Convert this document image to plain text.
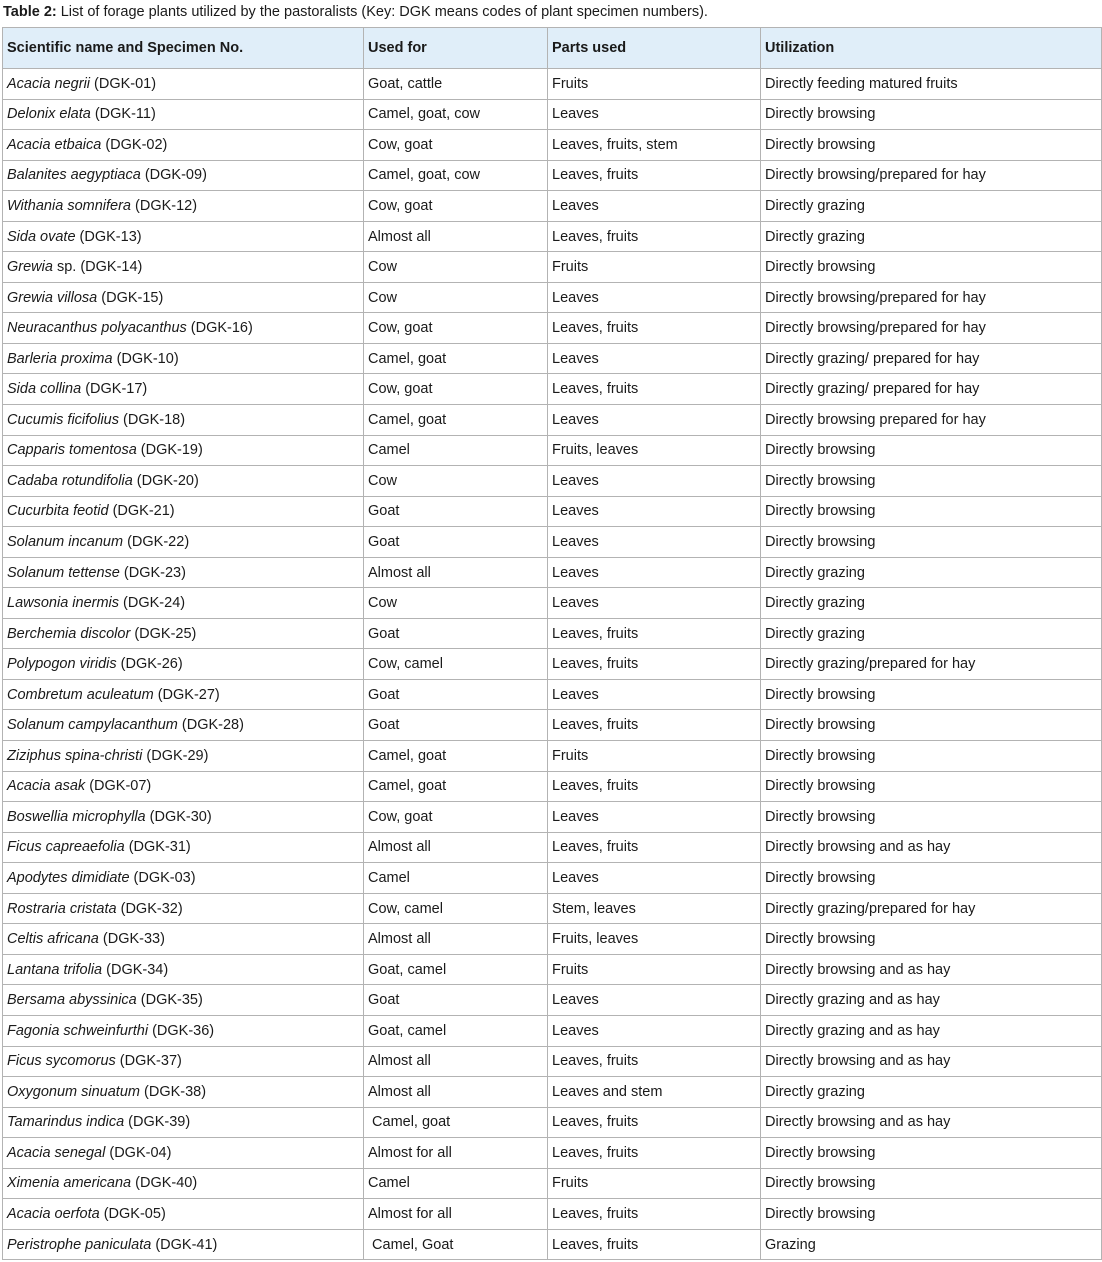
Table 2: List of forage plants utilized by the pastoralists (Key: DGK means codes of plant specimen numbers).
Scientific name and Specimen No.	Used for	Parts used	Utilization
Acacia negrii (DGK-01)	Goat, cattle	Fruits	Directly feeding matured fruits
Delonix elata (DGK-11)	Camel, goat, cow	Leaves	Directly browsing
Acacia etbaica (DGK-02)	Cow, goat	Leaves, fruits, stem	Directly browsing
Balanites aegyptiaca (DGK-09)	Camel, goat, cow	Leaves, fruits	Directly browsing/prepared for hay
Withania somnifera (DGK-12)	Cow, goat	Leaves	Directly grazing
Sida ovate (DGK-13)	Almost all	Leaves, fruits	Directly grazing
Grewia sp. (DGK-14)	Cow	Fruits	Directly browsing
Grewia villosa (DGK-15)	Cow	Leaves	Directly browsing/prepared for hay
Neuracanthus polyacanthus (DGK-16)	Cow, goat	Leaves, fruits	Directly browsing/prepared for hay
Barleria proxima (DGK-10)	Camel, goat	Leaves	Directly grazing/ prepared for hay
Sida collina (DGK-17)	Cow, goat	Leaves, fruits	Directly grazing/ prepared for hay
Cucumis ficifolius (DGK-18)	Camel, goat	Leaves	Directly browsing prepared for hay
Capparis tomentosa (DGK-19)	Camel	Fruits, leaves	Directly browsing
Cadaba rotundifolia (DGK-20)	Cow	Leaves	Directly browsing
Cucurbita feotid (DGK-21)	Goat	Leaves	Directly browsing
Solanum incanum (DGK-22)	Goat	Leaves	Directly browsing
Solanum tettense (DGK-23)	Almost all	Leaves	Directly grazing
Lawsonia inermis (DGK-24)	Cow	Leaves	Directly grazing
Berchemia discolor (DGK-25)	Goat	Leaves, fruits	Directly grazing
Polypogon viridis (DGK-26)	Cow, camel	Leaves, fruits	Directly grazing/prepared for hay
Combretum aculeatum (DGK-27)	Goat	Leaves	Directly browsing
Solanum campylacanthum (DGK-28)	Goat	Leaves, fruits	Directly browsing
Ziziphus spina-christi (DGK-29)	Camel, goat	Fruits	Directly browsing
Acacia asak (DGK-07)	Camel, goat	Leaves, fruits	Directly browsing
Boswellia microphylla (DGK-30)	Cow, goat	Leaves	Directly browsing
Ficus capreaefolia (DGK-31)	Almost all	Leaves, fruits	Directly browsing and as hay
Apodytes dimidiate (DGK-03)	Camel	Leaves	Directly browsing
Rostraria cristata (DGK-32)	Cow, camel	Stem, leaves	Directly grazing/prepared for hay
Celtis africana (DGK-33)	Almost all	Fruits, leaves	Directly browsing
Lantana trifolia (DGK-34)	Goat, camel	Fruits	Directly browsing and as hay
Bersama abyssinica (DGK-35)	Goat	Leaves	Directly grazing and as hay
Fagonia schweinfurthi (DGK-36)	Goat, camel	Leaves	Directly grazing and as hay
Ficus sycomorus (DGK-37)	Almost all	Leaves, fruits	Directly browsing and as hay
Oxygonum sinuatum (DGK-38)	Almost all	Leaves and stem	Directly grazing
Tamarindus indica (DGK-39)	Camel, goat	Leaves, fruits	Directly browsing and as hay
Acacia senegal (DGK-04)	Almost for all	Leaves, fruits	Directly browsing
Ximenia americana (DGK-40)	Camel	Fruits	Directly browsing
Acacia oerfota (DGK-05)	Almost for all	Leaves, fruits	Directly browsing
Peristrophe paniculata (DGK-41)	Camel, Goat	Leaves, fruits	Grazing
